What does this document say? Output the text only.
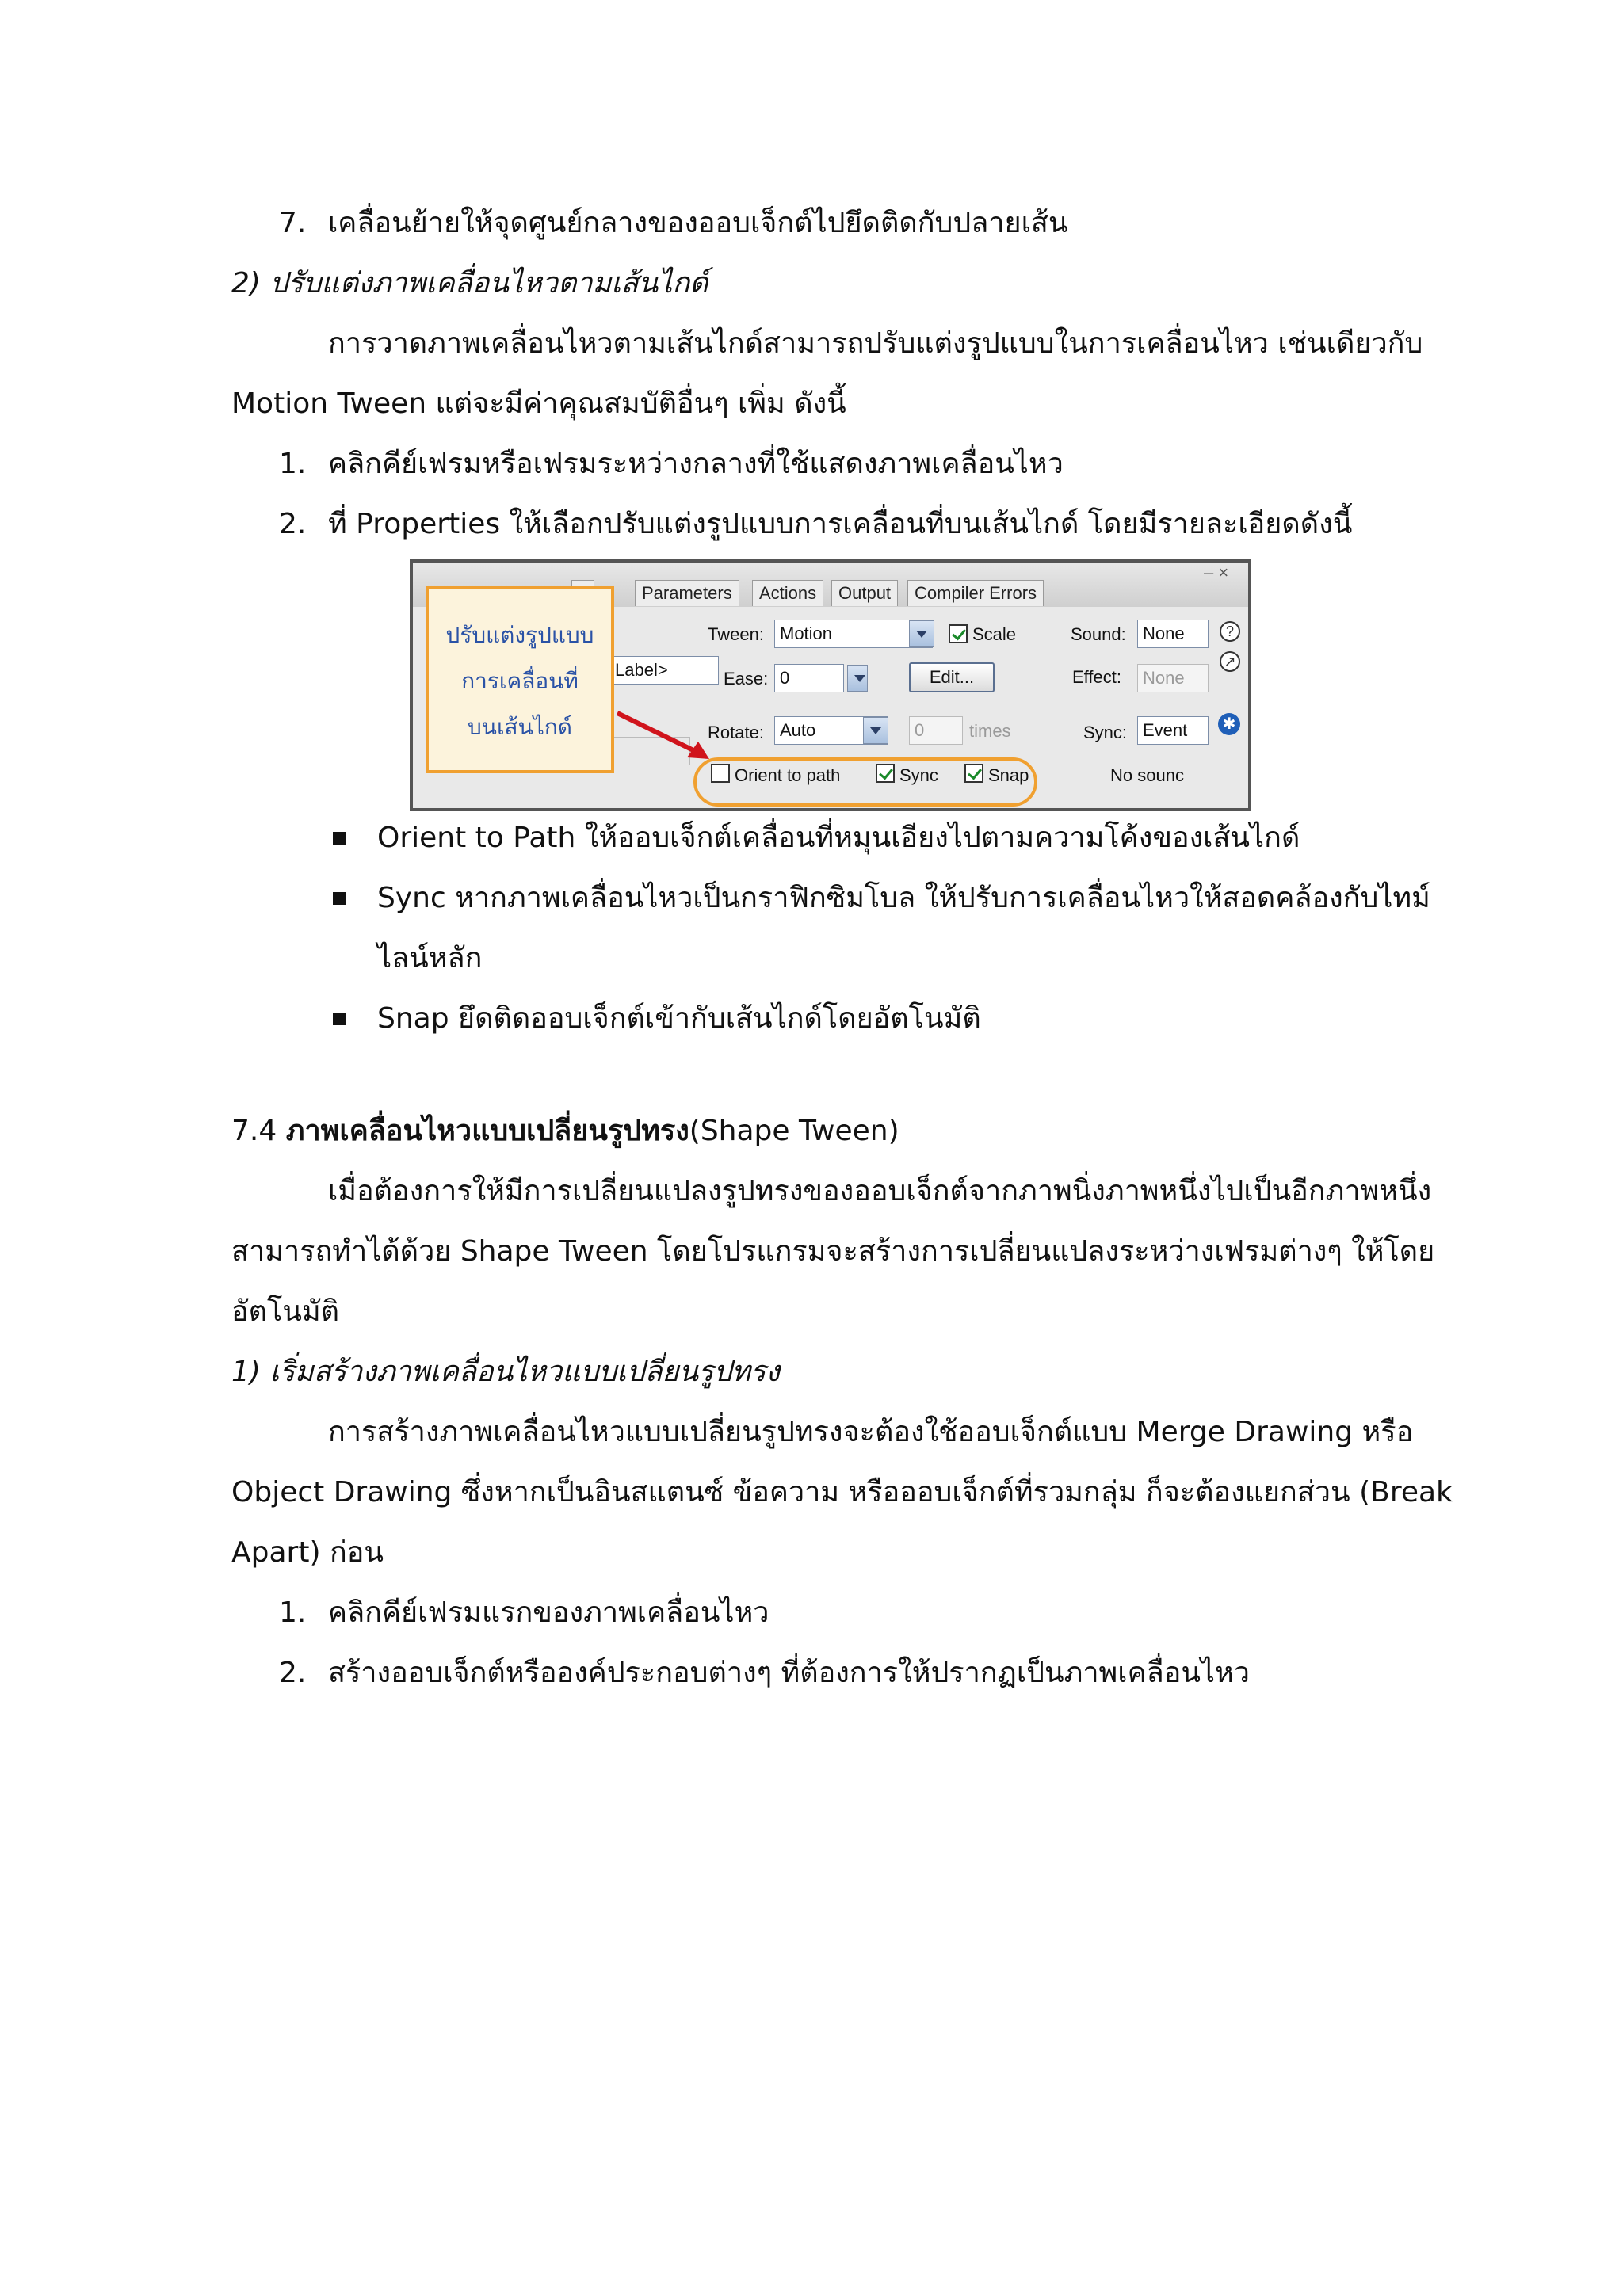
7. เคลื่อนย้ายให้จุดศูนย์กลางของออบเจ็กต์ไปยึดติดกับปลายเส้น
2) ปรับแต่งภาพเคลื่อนไหวตามเส้นไกด์
การวาดภาพเคลื่อนไหวตามเส้นไกด์สามารถปรับแต่งรูปแบบในการเคลื่อนไหว เช่นเดียวกับ
Motion Tween แต่จะมีค่าคุณสมบัติอื่นๆ เพิ่ม ดังนี้
1. คลิกคีย์เฟรมหรือเฟรมระหว่างกลางที่ใช้แสดงภาพเคลื่อนไหว
2. ที่ Properties ให้เลือกปรับแต่งรูปแบบการเคลื่อนที่บนเส้นไกด์ โดยมีรายละเอียดดังนี้
Parameters	Actions	Output	Compiler Errors
– ×
Label>
Tween: Motion	Scale
Ease: 0	Edit...
Rotate: Auto	0	times
Orient to path	Sync	Snap
Sound: None
Effect:	None
Sync: Event
No sounc
?
↗
✱
ปรับแต่งรูปแบบ
การเคลื่อนที่
บนเส้นไกด์
Orient to Path ให้ออบเจ็กต์เคลื่อนที่หมุนเอียงไปตามความโค้งของเส้นไกด์
Sync หากภาพเคลื่อนไหวเป็นกราฟิกซิมโบล ให้ปรับการเคลื่อนไหวให้สอดคล้องกับไทม์
ไลน์หลัก
Snap ยึดติดออบเจ็กต์เข้ากับเส้นไกด์โดยอัตโนมัติ
7.4 ภาพเคลื่อนไหวแบบเปลี่ยนรูปทรง(Shape Tween)
เมื่อต้องการให้มีการเปลี่ยนแปลงรูปทรงของออบเจ็กต์จากภาพนิ่งภาพหนึ่งไปเป็นอีกภาพหนึ่ง
สามารถทำได้ด้วย Shape Tween โดยโปรแกรมจะสร้างการเปลี่ยนแปลงระหว่างเฟรมต่างๆ ให้โดย
อัตโนมัติ
1) เริ่มสร้างภาพเคลื่อนไหวแบบเปลี่ยนรูปทรง
การสร้างภาพเคลื่อนไหวแบบเปลี่ยนรูปทรงจะต้องใช้ออบเจ็กต์แบบ Merge Drawing หรือ
Object Drawing ซึ่งหากเป็นอินสแตนซ์ ข้อความ หรือออบเจ็กต์ที่รวมกลุ่ม ก็จะต้องแยกส่วน (Break
Apart) ก่อน
1. คลิกคีย์เฟรมแรกของภาพเคลื่อนไหว
2. สร้างออบเจ็กต์หรือองค์ประกอบต่างๆ ที่ต้องการให้ปรากฏเป็นภาพเคลื่อนไหว
